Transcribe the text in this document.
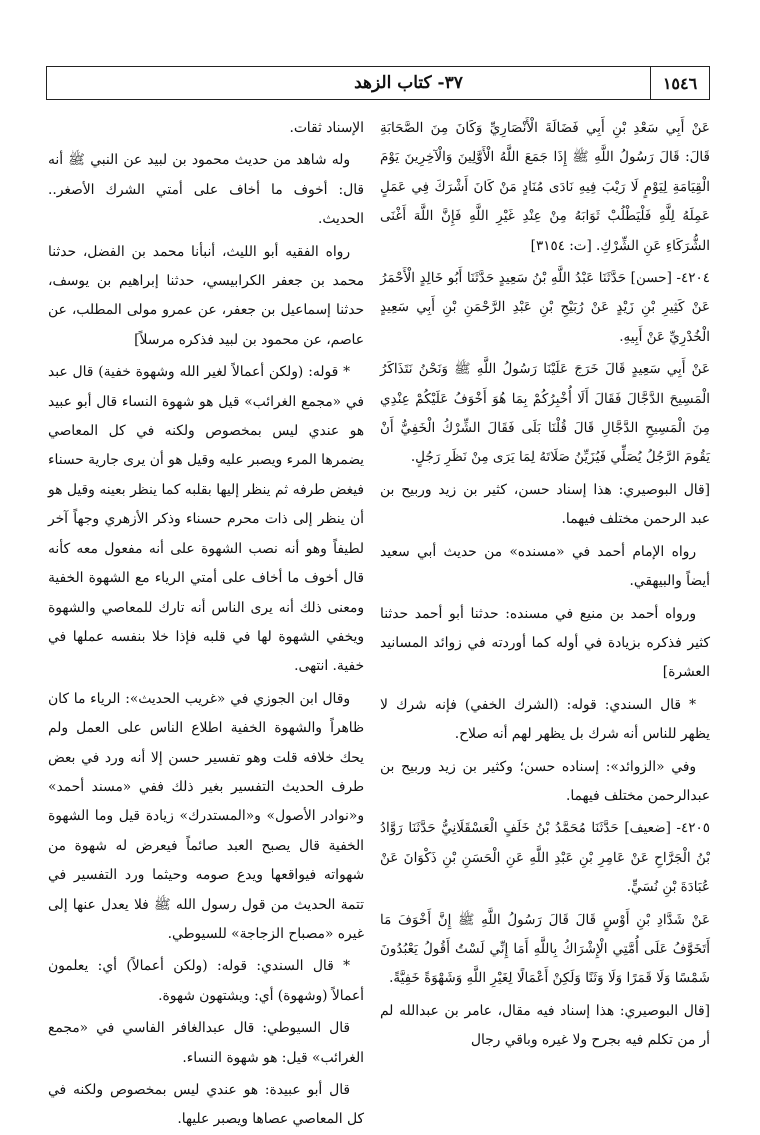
١٥٤٦
٣٧- كتاب الزهد

عَنْ أَبِي سَعْدِ بْنِ أَبِي فَضَالَةَ الْأَنْصَارِيِّ وَكَانَ مِنَ الصَّحَابَةِ قَالَ: قَالَ رَسُولُ اللَّهِ ﷺ إِذَا جَمَعَ اللَّهُ الْأَوَّلِينَ وَالْآخِرِينَ يَوْمَ الْقِيَامَةِ لِيَوْمٍ لَا رَيْبَ فِيهِ نَادَى مُنَادٍ مَنْ كَانَ أَشْرَكَ فِي عَمَلٍ عَمِلَهُ لِلَّهِ فَلْيَطْلُبْ ثَوَابَهُ مِنْ عِنْدِ غَيْرِ اللَّهِ فَإِنَّ اللَّهَ أَغْنَى الشُّرَكَاءِ عَنِ الشِّرْكِ. [ت: ٣١٥٤]

٤٢٠٤- [حسن] حَدَّثَنَا عَبْدُ اللَّهِ بْنُ سَعِيدٍ حَدَّثَنَا أَبُو خَالِدٍ الْأَحْمَرُ عَنْ كَثِيرِ بْنِ زَيْدٍ عَنْ رُبَيْحِ بْنِ عَبْدِ الرَّحْمَنِ بْنِ أَبِي سَعِيدٍ الْخُدْرِيِّ عَنْ أَبِيهِ.

عَنْ أَبِي سَعِيدٍ قَالَ خَرَجَ عَلَيْنَا رَسُولُ اللَّهِ ﷺ وَنَحْنُ نَتَذَاكَرُ الْمَسِيحَ الدَّجَّالَ فَقَالَ أَلَا أُخْبِرُكُمْ بِمَا هُوَ أَخْوَفُ عَلَيْكُمْ عِنْدِي مِنَ الْمَسِيحِ الدَّجَّالِ قَالَ قُلْنَا بَلَى فَقَالَ الشِّرْكُ الْخَفِيُّ أَنْ يَقُومَ الرَّجُلُ يُصَلِّي فَيُزَيِّنُ صَلَاتَهُ لِمَا يَرَى مِنْ نَظَرِ رَجُلٍ.

[قال البوصيري: هذا إسناد حسن، كثير بن زيد وربيح بن عبد الرحمن مختلف فيهما.

رواه الإمام أحمد في «مسنده» من حديث أبي سعيد أيضاً والبيهقي.

ورواه أحمد بن منيع في مسنده: حدثنا أبو أحمد حدثنا كثير فذكره بزيادة في أوله كما أوردته في زوائد المسانيد العشرة]

* قال السندي: قوله: (الشرك الخفي) فإنه شرك لا يظهر للناس أنه شرك بل يظهر لهم أنه صلاح.

وفي «الزوائد»: إسناده حسن؛ وكثير بن زيد وربيح بن عبدالرحمن مختلف فيهما.

٤٢٠٥- [ضعيف] حَدَّثَنَا مُحَمَّدُ بْنُ خَلَفٍ الْعَسْقَلَانِيُّ حَدَّثَنَا رَوَّادُ بْنُ الْجَرَّاحِ عَنْ عَامِرِ بْنِ عَبْدِ اللَّهِ عَنِ الْحَسَنِ بْنِ ذَكْوَانَ عَنْ عُبَادَةَ بْنِ نُسَيٍّ.

عَنْ شَدَّادِ بْنِ أَوْسٍ قَالَ قَالَ رَسُولُ اللَّهِ ﷺ إِنَّ أَخْوَفَ مَا أَتَخَوَّفُ عَلَى أُمَّتِي الْإِشْرَاكُ بِاللَّهِ أَمَا إِنِّي لَسْتُ أَقُولُ يَعْبُدُونَ شَمْسًا وَلَا قَمَرًا وَلَا وَثَنًا وَلَكِنْ أَعْمَالًا لِغَيْرِ اللَّهِ وَشَهْوَةً خَفِيَّةً.

[قال البوصيري: هذا إسناد فيه مقال، عامر بن عبدالله لم أر من تكلم فيه بجرح ولا غيره وباقي رجال

الإسناد ثقات.

وله شاهد من حديث محمود بن لبيد عن النبي ﷺ أنه قال: أخوف ما أخاف على أمتي الشرك الأصغر.. الحديث.

رواه الفقيه أبو الليث، أنبأنا محمد بن الفضل، حدثنا محمد بن جعفر الكرابيسي، حدثنا إبراهيم بن يوسف، حدثنا إسماعيل بن جعفر، عن عمرو مولى المطلب، عن عاصم، عن محمود بن لبيد فذكره مرسلاً]

* قوله: (ولكن أعمالاً لغير الله وشهوة خفية) قال عبد في «مجمع الغرائب» قيل هو شهوة النساء قال أبو عبيد هو عندي ليس بمخصوص ولكنه في كل المعاصي يضمرها المرء ويصبر عليه وقيل هو أن يرى جارية حسناء فيغض طرفه ثم ينظر إليها بقلبه كما ينظر بعينه وقيل هو أن ينظر إلى ذات محرم حسناء وذكر الأزهري وجهاً آخر لطيفاً وهو أنه نصب الشهوة على أنه مفعول معه كأنه قال أخوف ما أخاف على أمتي الرياء مع الشهوة الخفية ومعنى ذلك أنه يرى الناس أنه تارك للمعاصي والشهوة ويخفي الشهوة لها في قلبه فإذا خلا بنفسه عملها في خفية. انتهى.

وقال ابن الجوزي في «غريب الحديث»: الرياء ما كان ظاهراً والشهوة الخفية اطلاع الناس على العمل ولم يحك خلافه قلت وهو تفسير حسن إلا أنه ورد في بعض طرف الحديث التفسير بغير ذلك ففي «مسند أحمد» و«نوادر الأصول» و«المستدرك» زيادة قيل وما الشهوة الخفية قال يصبح العبد صائماً فيعرض له شهوة من شهواته فيواقعها ويدع صومه وحيثما ورد التفسير في تتمة الحديث من قول رسول الله ﷺ فلا يعدل عنها إلى غيره «مصباح الزجاجة» للسيوطي.

* قال السندي: قوله: (ولكن أعمالاً) أي: يعلمون أعمالاً (وشهوة) أي: ويشتهون شهوة.

قال السيوطي: قال عبدالغافر الفاسي في «مجمع الغرائب» قيل: هو شهوة النساء.

قال أبو عبيدة: هو عندي ليس بمخصوص ولكنه في كل المعاصي عصاها ويصبر عليها.
